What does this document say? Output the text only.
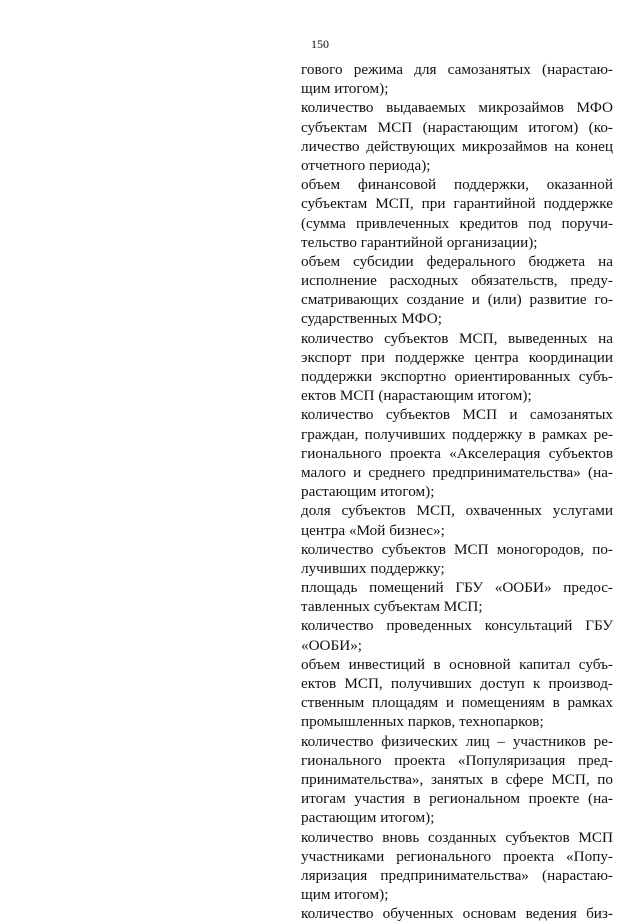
150
гового режима для самозанятых (нарастаю-
щим итогом);
количество выдаваемых микрозаймов МФО
субъектам МСП (нарастающим итогом) (ко-
личество действующих микрозаймов на конец
отчетного периода);
объем финансовой поддержки, оказанной
субъектам МСП, при гарантийной поддержке
(сумма привлеченных кредитов под поручи-
тельство гарантийной организации);
объем субсидии федерального бюджета на
исполнение расходных обязательств, преду-
сматривающих создание и (или) развитие го-
сударственных МФО;
количество субъектов МСП, выведенных на
экспорт при поддержке центра координации
поддержки экспортно ориентированных субъ-
ектов МСП (нарастающим итогом);
количество субъектов МСП и самозанятых
граждан, получивших поддержку в рамках ре-
гионального проекта «Акселерация субъектов
малого и среднего предпринимательства» (на-
растающим итогом);
доля субъектов МСП, охваченных услугами
центра «Мой бизнес»;
количество субъектов МСП моногородов, по-
лучивших поддержку;
площадь помещений ГБУ «ООБИ» предос-
тавленных субъектам МСП;
количество проведенных консультаций ГБУ
«ООБИ»;
объем инвестиций в основной капитал субъ-
ектов МСП, получивших доступ к производ-
ственным площадям и помещениям в рамках
промышленных парков, технопарков;
количество физических лиц – участников ре-
гионального проекта «Популяризация пред-
принимательства», занятых в сфере МСП, по
итогам участия в региональном проекте (на-
растающим итогом);
количество вновь созданных субъектов МСП
участниками регионального проекта «Попу-
ляризация предпринимательства» (нарастаю-
щим итогом);
количество обученных основам ведения биз-
